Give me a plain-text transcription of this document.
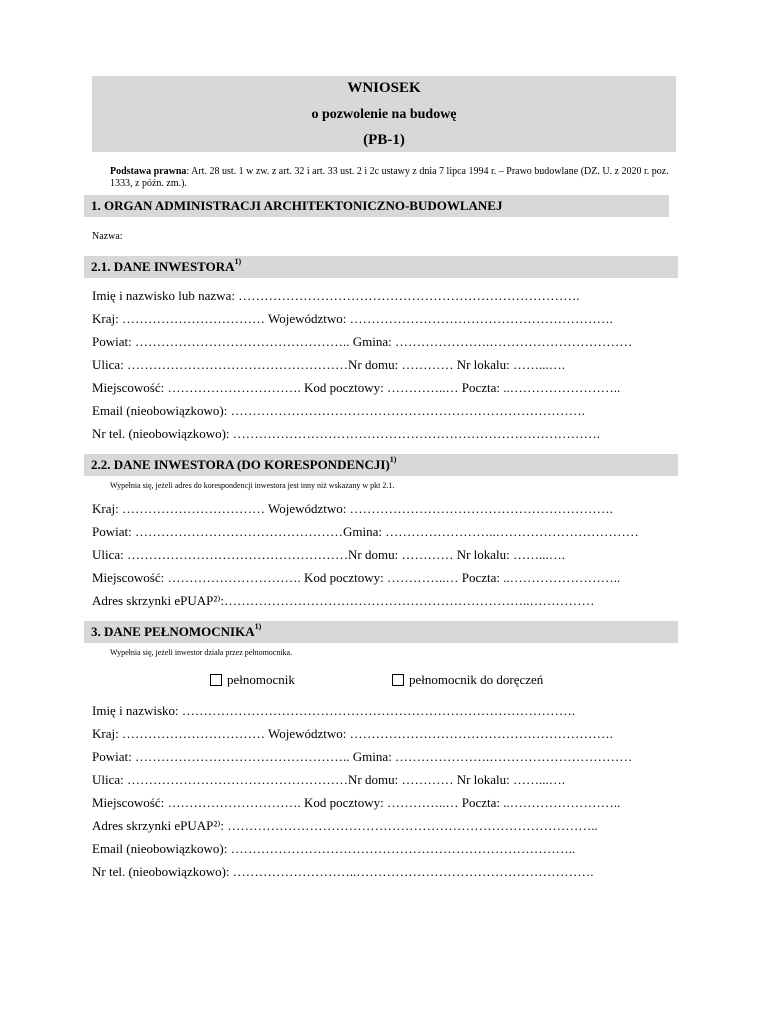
WNIOSEK
o pozwolenie na budowę
(PB-1)
Podstawa prawna: Art. 28 ust. 1 w zw. z art. 32 i art. 33 ust. 2 i 2c ustawy z dnia 7 lipca 1994 r. – Prawo budowlane (DZ. U. z 2020 r. poz. 1333, z późn. zm.).
1. ORGAN ADMINISTRACJI ARCHITEKTONICZNO-BUDOWLANEJ
Nazwa:
2.1. DANE INWESTORA$^{1)}$
Imię i nazwisko lub nazwa: …………………………………………………………………….
Kraj: …………………………… Województwo: …………………………………………………….
Powiat: ………………………………………….. Gmina: ………………….……………………………
Ulica: ……………………………………………Nr domu: ………… Nr lokalu: ……...….
Miejscowość: …………………………. Kod pocztowy: …………..… Poczta: ..……………………..
Email (nieobowiązkowo): ……………………………………………………………………….
Nr tel. (nieobowiązkowo): ………………………………………………………………………….
2.2. DANE INWESTORA (DO KORESPONDENCJI)$^{1)}$
Wypełnia się, jeżeli adres do korespondencji inwestora jest inny niż wskazany w pkt 2.1.
Kraj: …………………………… Województwo: …………………………………………………….
Powiat: …………………………………………Gmina: ……………………..……………………………
Ulica: ……………………………………………Nr domu: ………… Nr lokalu: ……...….
Miejscowość: …………………………. Kod pocztowy: …………..… Poczta: ..……………………..
Adres skrzynki ePUAP²⁾:……………………………………………………………..……………
3. DANE PEŁNOMOCNIKA$^{1)}$
Wypełnia się, jeżeli inwestor działa przez pełnomocnika.
pełnomocnik	pełnomocnik do doręczeń
Imię i nazwisko: ……………………………………………………………………………….
Kraj: …………………………… Województwo: …………………………………………………….
Powiat: ………………………………………….. Gmina: ………………….……………………………
Ulica: ……………………………………………Nr domu: ………… Nr lokalu: ……...….
Miejscowość: …………………………. Kod pocztowy: …………..… Poczta: ..……………………..
Adres skrzynki ePUAP²⁾: …………………………………………………………………………..
Email (nieobowiązkowo): ……………………………………………………………………..
Nr tel. (nieobowiązkowo): ………………………..……………………………………………….
